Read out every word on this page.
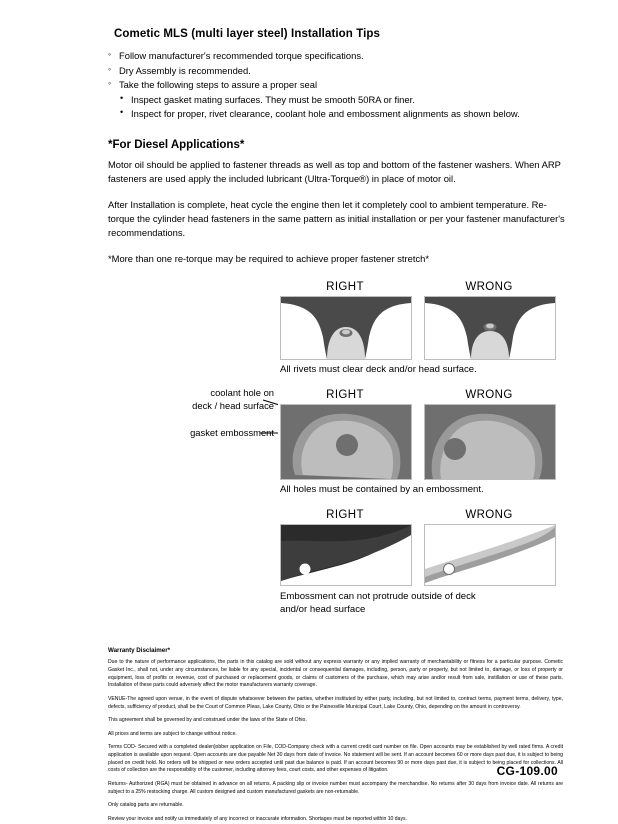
Cometic MLS (multi layer steel) Installation Tips
◦ Follow manufacturer's recommended torque specifications.
◦ Dry Assembly is recommended.
◦ Take the following steps to assure a proper seal
• Inspect gasket mating surfaces. They must be smooth 50RA or finer.
• Inspect for proper, rivet clearance, coolant hole and embossment alignments as shown below.
*For Diesel Applications*

Motor oil should be applied to fastener threads as well as top and bottom of the fastener washers. When ARP fasteners are used apply the included lubricant (Ultra-Torque®) in place of motor oil.

After Installation is complete, heat cycle the engine then let it completely cool to ambient temperature. Re-torque the cylinder head fasteners in the same pattern as initial installation or per your fastener manufacturer's recommendations.

*More than one re-torque may be required to achieve proper fastener stretch*

RIGHT	WRONG
All rivets must clear deck and/or head surface.
coolant hole on
deck / head surface
gasket embossment
RIGHT	WRONG
All holes must be contained by an embossment.
RIGHT	WRONG
Embossment can not protrude outside of deck
and/or head surface
Warranty Disclaimer*

Due to the nature of performance applications, the parts in this catalog are sold without any express warranty or any implied warranty of merchantability or fitness for a particular purpose. Cometic Gasket Inc., shall not, under any circumstances, be liable for any special, incidental or consequential damages, including, person, party or property, but not limited to, damage, or loss of property or equipment, loss of profits or revenue, cost of purchased or replacement goods, or claims of customers of the purchase, which may arise and/or result from sale, instillation or use of these parts. Installation of these parts could adversely affect the motor manufacturers warranty coverage.

VENUE-The agreed upon venue, in the event of dispute whatsoever between the parties, whether instituted by either party, including, but not limited to, contract terms, payment terms, delivery, type, defects, sufficiency of product, shall be the Court of Common Pleas, Lake County, Ohio or the Painesville Municipal Court, Lake County, Ohio, depending on the amount in controversy.

This agreement shall be governed by and construed under the laws of the State of Ohio.

All prices and terms are subject to change without notice.

Terms COD- Secured with a completed dealer/jobber application on File, COD-Company check with a current credit card number on file. Open accounts may be established by well rated firms. A credit application is available upon request. Open accounts are due payable Net 30 days from date of invoice. No statement will be sent. If an account becomes 60 or more days past due, it is subject to being placed on credit hold. No orders will be shipped or new orders accepted until past due balance is paid. If an account becomes 90 or more days past due, it is subject to being placed for collections. All costs of collection are the responsibility of the customer, including attorney fees, court costs, and other expenses of litigation.

Returns- Authorized (RGA) must be obtained in advance on all returns. A packing slip or invoice number must accompany the merchandise. No returns after 30 days from invoice date. All returns are subject to a 25% restocking charge. All custom designed and custom manufactured gaskets are non-returnable.

Only catalog parts are returnable.

Review your invoice and notify us immediately of any incorrect or inaccurate information. Shortages must be reported within 10 days.

CG-109.00
